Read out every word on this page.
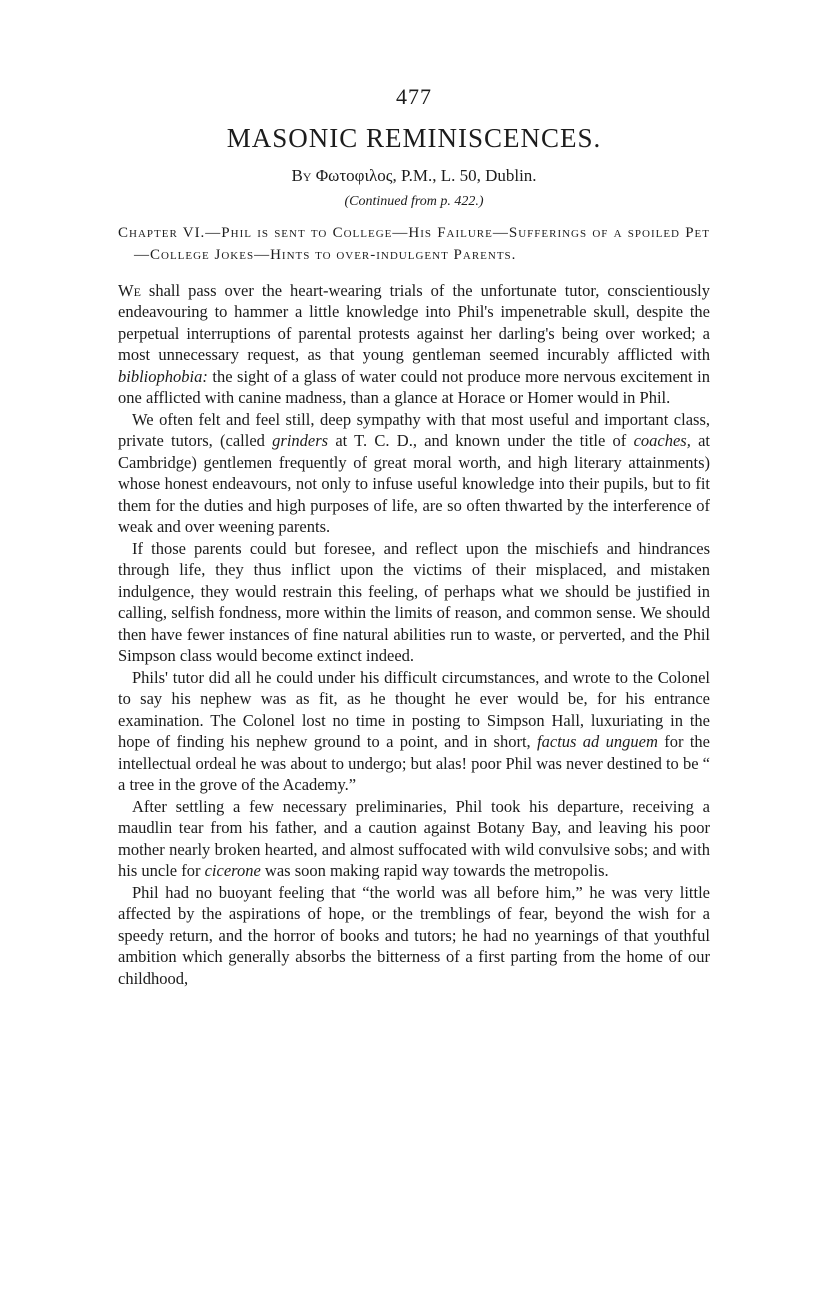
477
MASONIC REMINISCENCES.
By Φωτοφιλος, P.M., L. 50, Dublin.
(Continued from p. 422.)
Chapter VI.—Phil is sent to College—His Failure—Sufferings of a spoiled Pet—College Jokes—Hints to over-indulgent Parents.

We shall pass over the heart-wearing trials of the unfortunate tutor, conscientiously endeavouring to hammer a little knowledge into Phil's impenetrable skull, despite the perpetual interruptions of parental protests against her darling's being over worked; a most unnecessary request, as that young gentleman seemed incurably afflicted with bibliophobia: the sight of a glass of water could not produce more nervous excitement in one afflicted with canine madness, than a glance at Horace or Homer would in Phil.

We often felt and feel still, deep sympathy with that most useful and important class, private tutors, (called grinders at T. C. D., and known under the title of coaches, at Cambridge) gentlemen frequently of great moral worth, and high literary attainments) whose honest endeavours, not only to infuse useful knowledge into their pupils, but to fit them for the duties and high purposes of life, are so often thwarted by the interference of weak and over weening parents.

If those parents could but foresee, and reflect upon the mischiefs and hindrances through life, they thus inflict upon the victims of their misplaced, and mistaken indulgence, they would restrain this feeling, of perhaps what we should be justified in calling, selfish fondness, more within the limits of reason, and common sense. We should then have fewer instances of fine natural abilities run to waste, or perverted, and the Phil Simpson class would become extinct indeed.

Phils' tutor did all he could under his difficult circumstances, and wrote to the Colonel to say his nephew was as fit, as he thought he ever would be, for his entrance examination. The Colonel lost no time in posting to Simpson Hall, luxuriating in the hope of finding his nephew ground to a point, and in short, factus ad unguem for the intellectual ordeal he was about to undergo; but alas! poor Phil was never destined to be “ a tree in the grove of the Academy.”

After settling a few necessary preliminaries, Phil took his departure, receiving a maudlin tear from his father, and a caution against Botany Bay, and leaving his poor mother nearly broken hearted, and almost suffocated with wild convulsive sobs; and with his uncle for cicerone was soon making rapid way towards the metropolis.

Phil had no buoyant feeling that “the world was all before him,” he was very little affected by the aspirations of hope, or the tremblings of fear, beyond the wish for a speedy return, and the horror of books and tutors; he had no yearnings of that youthful ambition which generally absorbs the bitterness of a first parting from the home of our childhood,
